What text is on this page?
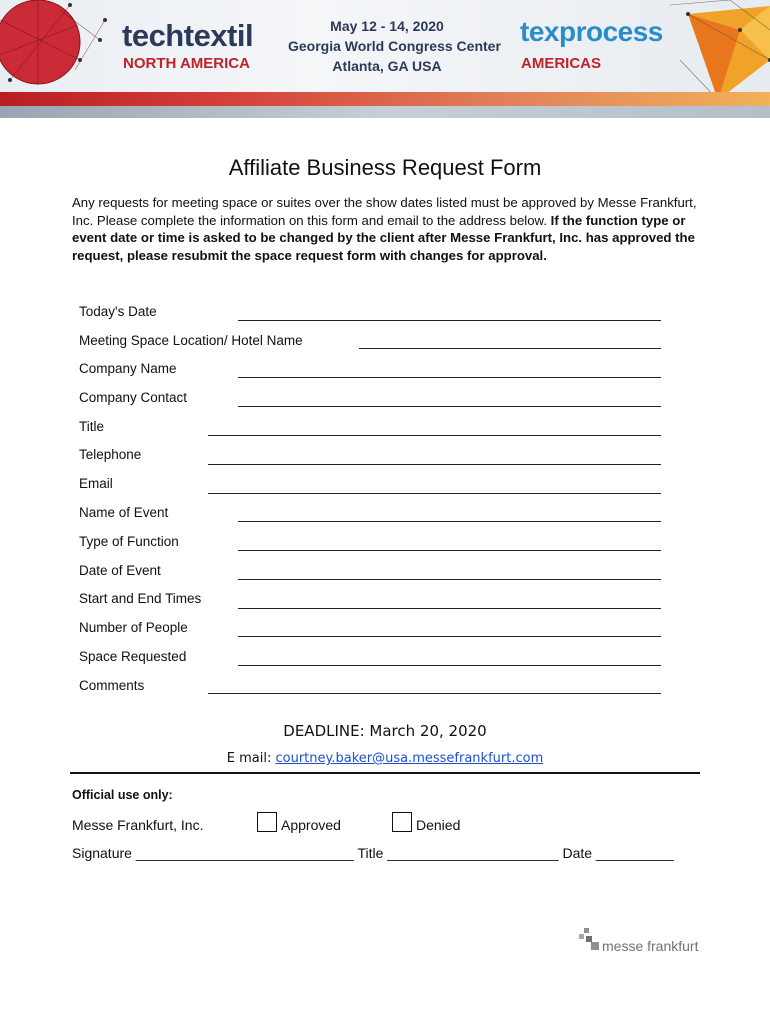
techtextil
NORTH AMERICA
May 12 - 14, 2020
Georgia World Congress Center
Atlanta, GA USA
texprocess
AMERICAS
Affiliate Business Request Form
Any requests for meeting space or suites over the show dates listed must be approved by Messe Frankfurt, Inc. Please complete the information on this form and email to the address below. If the function type or event date or time is asked to be changed by the client after Messe Frankfurt, Inc. has approved the request, please resubmit the space request form with changes for approval.
Today's Date
Meeting Space Location/ Hotel Name
Company Name
Company Contact
Title
Telephone
Email
Name of Event
Type of Function
Date of Event
Start and End Times
Number of People
Space Requested
Comments
DEADLINE: March 20, 2020
E mail: courtney.baker@usa.messefrankfurt.com
Official use only:
Messe Frankfurt, Inc.	Approved	Denied
Signature ____________________________ Title ______________________ Date __________
messe frankfurt
